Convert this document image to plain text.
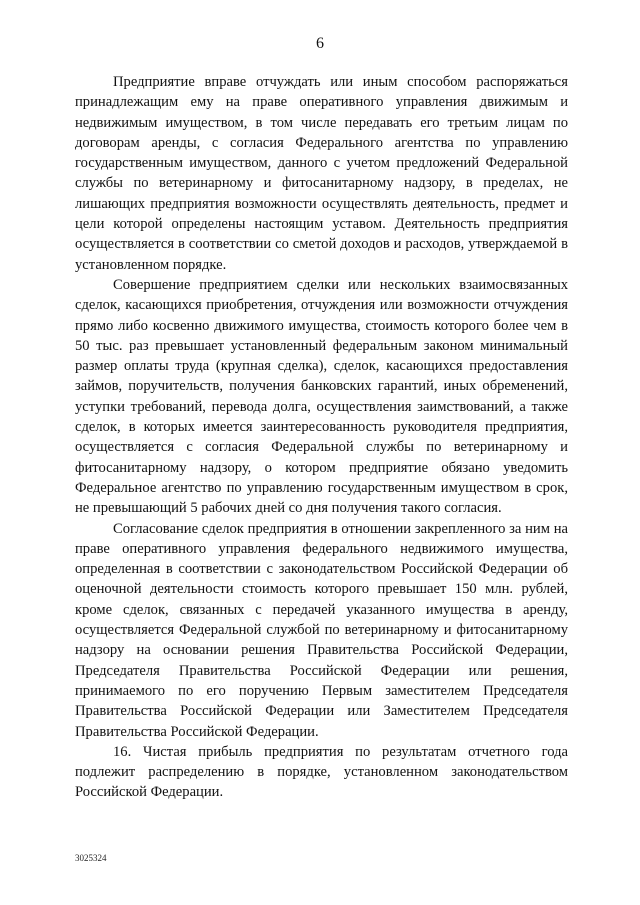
6

Предприятие вправе отчуждать или иным способом распоряжаться принадлежащим ему на праве оперативного управления движимым и недвижимым имуществом, в том числе передавать его третьим лицам по договорам аренды, с согласия Федерального агентства по управлению государственным имуществом, данного с учетом предложений Федеральной службы по ветеринарному и фитосанитарному надзору, в пределах, не лишающих предприятия возможности осуществлять деятельность, предмет и цели которой определены настоящим уставом. Деятельность предприятия осуществляется в соответствии со сметой доходов и расходов, утверждаемой в установленном порядке.

Совершение предприятием сделки или нескольких взаимосвязанных сделок, касающихся приобретения, отчуждения или возможности отчуждения прямо либо косвенно движимого имущества, стоимость которого более чем в 50 тыс. раз превышает установленный федеральным законом минимальный размер оплаты труда (крупная сделка), сделок, касающихся предоставления займов, поручительств, получения банковских гарантий, иных обременений, уступки требований, перевода долга, осуществления заимствований, а также сделок, в которых имеется заинтересованность руководителя предприятия, осуществляется с согласия Федеральной службы по ветеринарному и фитосанитарному надзору, о котором предприятие обязано уведомить Федеральное агентство по управлению государственным имуществом в срок, не превышающий 5 рабочих дней со дня получения такого согласия.

Согласование сделок предприятия в отношении закрепленного за ним на праве оперативного управления федерального недвижимого имущества, определенная в соответствии с законодательством Российской Федерации об оценочной деятельности стоимость которого превышает 150 млн. рублей, кроме сделок, связанных с передачей указанного имущества в аренду, осуществляется Федеральной службой по ветеринарному и фитосанитарному надзору на основании решения Правительства Российской Федерации, Председателя Правительства Российской Федерации или решения, принимаемого по его поручению Первым заместителем Председателя Правительства Российской Федерации или Заместителем Председателя Правительства Российской Федерации.

16. Чистая прибыль предприятия по результатам отчетного года подлежит распределению в порядке, установленном законодательством Российской Федерации.

3025324
